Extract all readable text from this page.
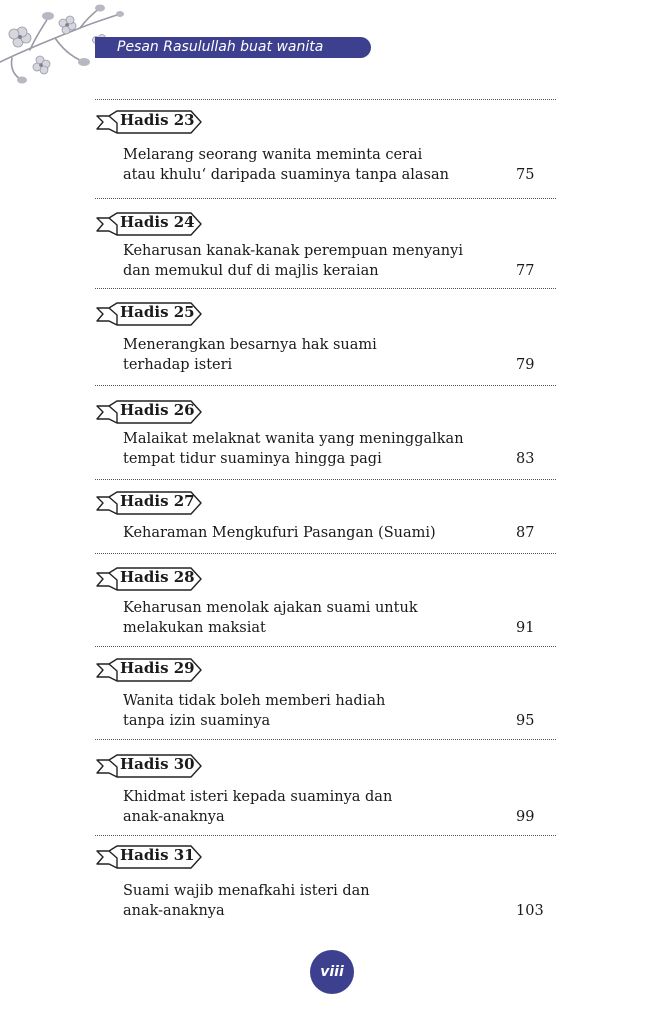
Pesan Rasulullah buat wanita
Hadis 23
Melarang seorang wanita meminta cerai
atau khulu‘ daripada suaminya tanpa alasan	75
Hadis 24
Keharusan kanak-kanak perempuan menyanyi
dan memukul duf di majlis keraian	77
Hadis 25
Menerangkan besarnya hak suami
terhadap isteri	79
Hadis 26
Malaikat melaknat wanita yang meninggalkan
tempat tidur suaminya hingga pagi	83
Hadis 27
Keharaman Mengkufuri Pasangan (Suami)	87
Hadis 28
Keharusan menolak ajakan suami untuk
melakukan maksiat	91
Hadis 29
Wanita tidak boleh memberi hadiah
tanpa izin suaminya	95
Hadis 30
Khidmat isteri kepada suaminya dan
anak-anaknya	99
Hadis 31
Suami wajib menafkahi isteri dan
anak-anaknya	103
viii
